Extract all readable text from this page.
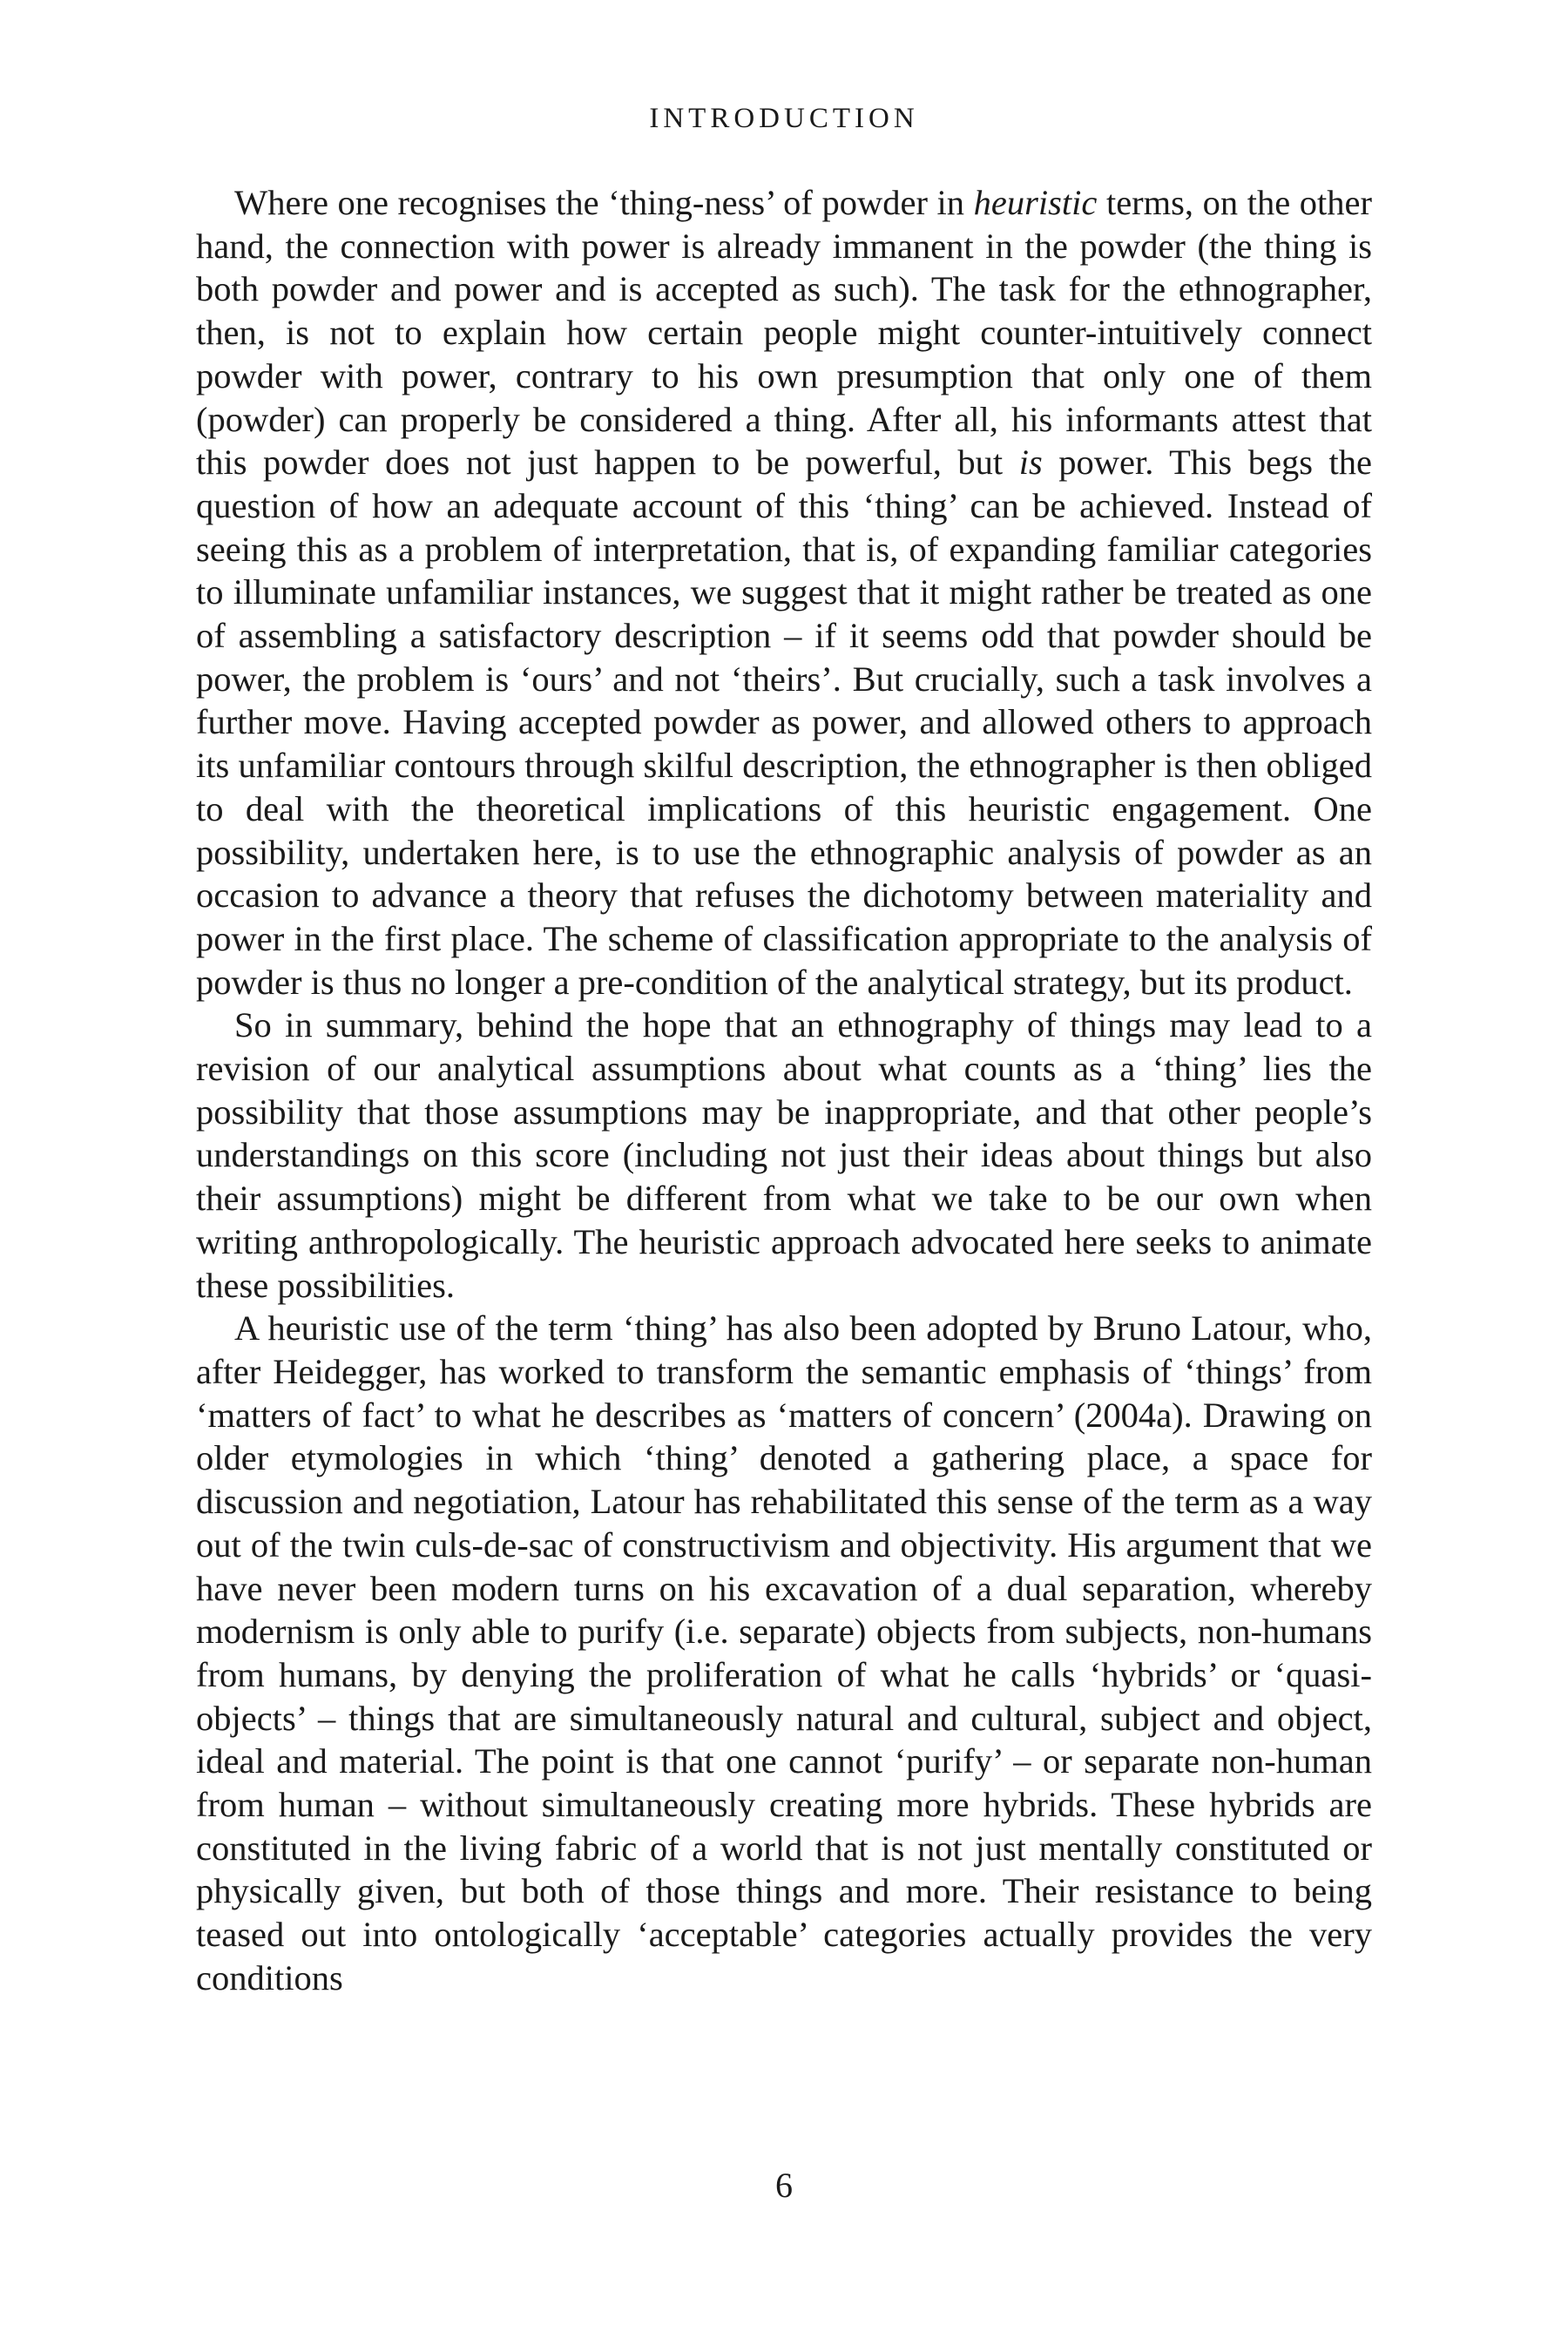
INTRODUCTION

Where one recognises the ‘thing-ness’ of powder in heuristic terms, on the other hand, the connection with power is already immanent in the powder (the thing is both powder and power and is accepted as such). The task for the ethnographer, then, is not to explain how certain people might counter-intuitively connect powder with power, contrary to his own presumption that only one of them (powder) can properly be considered a thing. After all, his informants attest that this powder does not just happen to be powerful, but is power. This begs the question of how an adequate account of this ‘thing’ can be achieved. Instead of seeing this as a problem of interpretation, that is, of expanding familiar categories to illuminate unfamiliar instances, we suggest that it might rather be treated as one of assembling a satisfactory description – if it seems odd that powder should be power, the problem is ‘ours’ and not ‘theirs’. But crucially, such a task involves a further move. Having accepted powder as power, and allowed others to approach its unfamiliar contours through skilful description, the ethnographer is then obliged to deal with the theoretical implications of this heuristic engagement. One possibility, undertaken here, is to use the ethnographic analysis of powder as an occasion to advance a theory that refuses the dichotomy between materiality and power in the first place. The scheme of classification appropriate to the analysis of powder is thus no longer a pre-condition of the analytical strategy, but its product.

So in summary, behind the hope that an ethnography of things may lead to a revision of our analytical assumptions about what counts as a ‘thing’ lies the possibility that those assumptions may be inappropriate, and that other people’s understandings on this score (including not just their ideas about things but also their assumptions) might be different from what we take to be our own when writing anthropologically. The heuristic approach advocated here seeks to animate these possibilities.

A heuristic use of the term ‘thing’ has also been adopted by Bruno Latour, who, after Heidegger, has worked to transform the semantic emphasis of ‘things’ from ‘matters of fact’ to what he describes as ‘matters of concern’ (2004a). Drawing on older etymologies in which ‘thing’ denoted a gathering place, a space for discussion and negotiation, Latour has rehabilitated this sense of the term as a way out of the twin culs-de-sac of constructivism and objectivity. His argument that we have never been modern turns on his excavation of a dual separation, whereby modernism is only able to purify (i.e. separate) objects from subjects, non-humans from humans, by denying the proliferation of what he calls ‘hybrids’ or ‘quasi-objects’ – things that are simultaneously natural and cultural, subject and object, ideal and material. The point is that one cannot ‘purify’ – or separate non-human from human – without simultaneously creating more hybrids. These hybrids are constituted in the living fabric of a world that is not just mentally constituted or physically given, but both of those things and more. Their resistance to being teased out into ontologically ‘acceptable’ categories actually provides the very conditions

6
